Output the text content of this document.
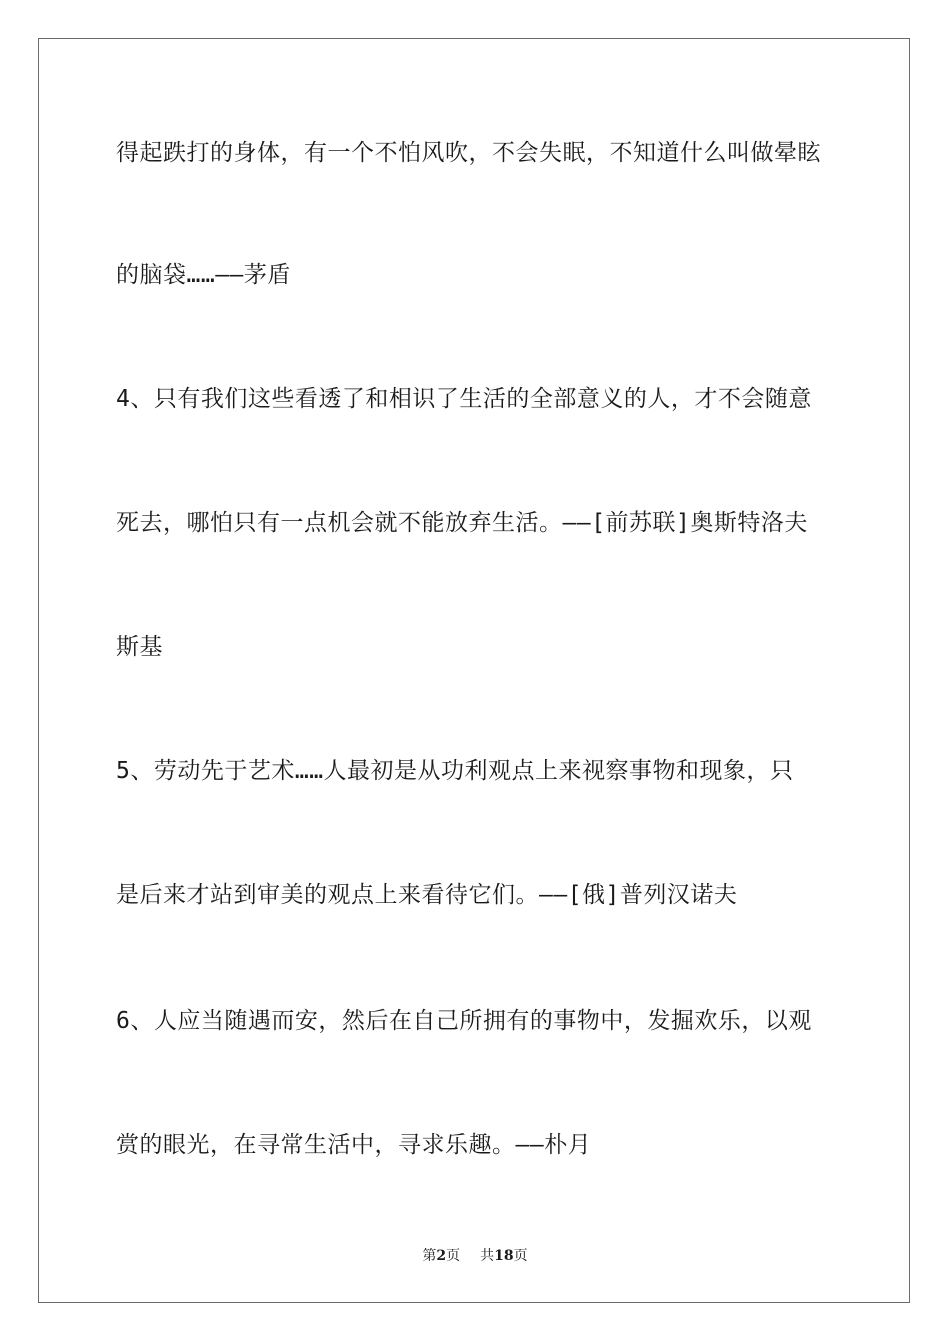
得起跌打的身体，有一个不怕风吹，不会失眠，不知道什么叫做晕眩
的脑袋……——茅盾
4、只有我们这些看透了和相识了生活的全部意义的人，才不会随意
死去，哪怕只有一点机会就不能放弃生活。——[前苏联]奥斯特洛夫
斯基
5、劳动先于艺术……人最初是从功利观点上来视察事物和现象，只
是后来才站到审美的观点上来看待它们。——[俄]普列汉诺夫
6、人应当随遇而安，然后在自己所拥有的事物中，发掘欢乐，以观
赏的眼光，在寻常生活中，寻求乐趣。——朴月
第2页 共18页
